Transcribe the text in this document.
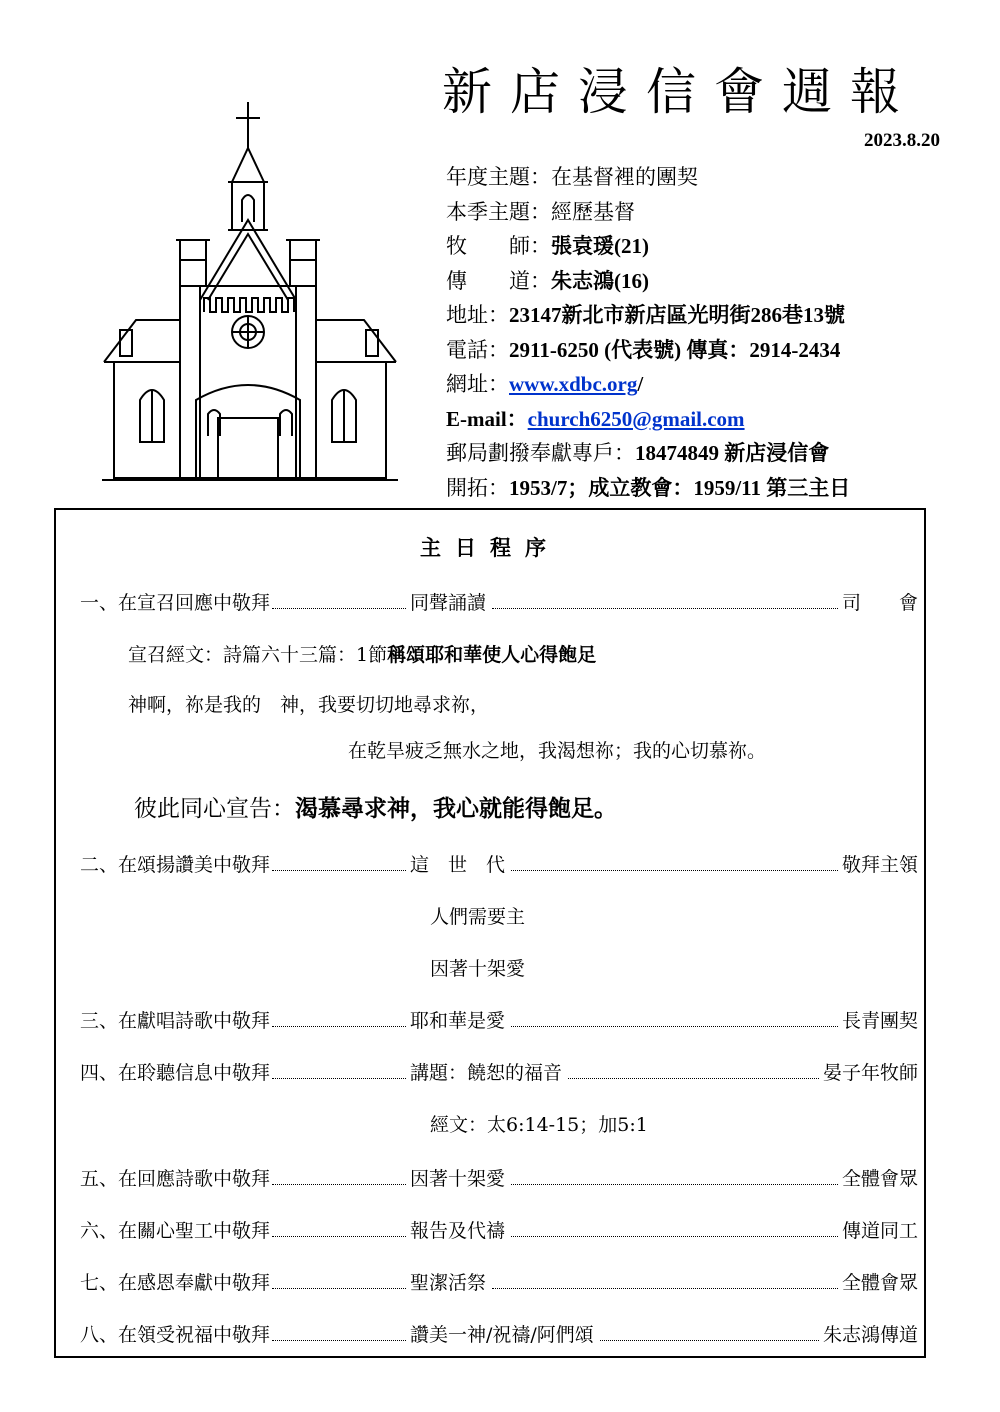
新店浸信會週報
2023.8.20
年度主題：在基督裡的團契
本季主題：經歷基督
牧　　師：張袁瑗(21)
傳　　道：朱志鴻(16)
地址：23147新北市新店區光明街286巷13號
電話：2911-6250 (代表號) 傳真：2914-2434
網址：www.xdbc.org/
E-mail：church6250@gmail.com
郵局劃撥奉獻專戶：18474849 新店浸信會
開拓：1953/7；成立教會：1959/11 第三主日
主日程序
一、在宣召回應中敬拜	同聲誦讀	司　　會
宣召經文：詩篇六十三篇：1節稱頌耶和華使人心得飽足
神啊，祢是我的　神，我要切切地尋求祢，
在乾旱疲乏無水之地，我渴想祢；我的心切慕祢。
彼此同心宣告：渴慕尋求神，我心就能得飽足。
二、在頌揚讚美中敬拜	這　世　代	敬拜主領
人們需要主
因著十架愛
三、在獻唱詩歌中敬拜	耶和華是愛	長青團契
四、在聆聽信息中敬拜	講題：饒恕的福音	晏子年牧師
經文：太6:14-15；加5:1
五、在回應詩歌中敬拜	因著十架愛	全體會眾
六、在關心聖工中敬拜	報告及代禱	傳道同工
七、在感恩奉獻中敬拜	聖潔活祭	全體會眾
八、在領受祝福中敬拜	讚美一神/祝禱/阿們頌	朱志鴻傳道
